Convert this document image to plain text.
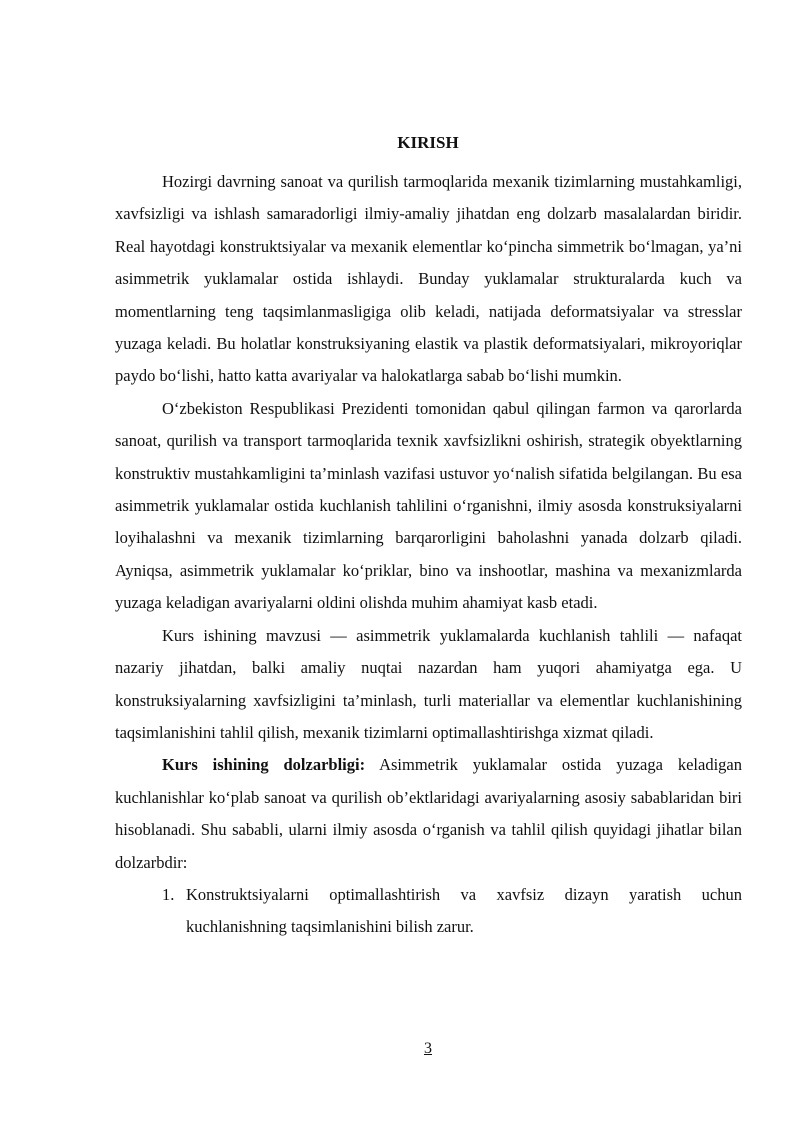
KIRISH

Hozirgi davrning sanoat va qurilish tarmoqlarida mexanik tizimlarning mustahkamligi, xavfsizligi va ishlash samaradorligi ilmiy-amaliy jihatdan eng dolzarb masalalardan biridir. Real hayotdagi konstruktsiyalar va mexanik elementlar ko‘pincha simmetrik bo‘lmagan, ya’ni asimmetrik yuklamalar ostida ishlaydi. Bunday yuklamalar strukturalarda kuch va momentlarning teng taqsimlanmasligiga olib keladi, natijada deformatsiyalar va stresslar yuzaga keladi. Bu holatlar konstruksiyaning elastik va plastik deformatsiyalari, mikroyoriqlar paydo bo‘lishi, hatto katta avariyalar va halokatlarga sabab bo‘lishi mumkin.

O‘zbekiston Respublikasi Prezidenti tomonidan qabul qilingan farmon va qarorlarda sanoat, qurilish va transport tarmoqlarida texnik xavfsizlikni oshirish, strategik obyektlarning konstruktiv mustahkamligini ta’minlash vazifasi ustuvor yo‘nalish sifatida belgilangan. Bu esa asimmetrik yuklamalar ostida kuchlanish tahlilini o‘rganishni, ilmiy asosda konstruksiyalarni loyihalashni va mexanik tizimlarning barqarorligini baholashni yanada dolzarb qiladi. Ayniqsa, asimmetrik yuklamalar ko‘priklar, bino va inshootlar, mashina va mexanizmlarda yuzaga keladigan avariyalarni oldini olishda muhim ahamiyat kasb etadi.

Kurs ishining mavzusi — asimmetrik yuklamalarda kuchlanish tahlili — nafaqat nazariy jihatdan, balki amaliy nuqtai nazardan ham yuqori ahamiyatga ega. U konstruksiyalarning xavfsizligini ta’minlash, turli materiallar va elementlar kuchlanishining taqsimlanishini tahlil qilish, mexanik tizimlarni optimallashtirishga xizmat qiladi.

Kurs ishining dolzarbligi: Asimmetrik yuklamalar ostida yuzaga keladigan kuchlanishlar ko‘plab sanoat va qurilish ob’ektlaridagi avariyalarning asosiy sabablaridan biri hisoblanadi. Shu sababli, ularni ilmiy asosda o‘rganish va tahlil qilish quyidagi jihatlar bilan dolzarbdir:

1. Konstruktsiyalarni optimallashtirish va xavfsiz dizayn yaratish uchun kuchlanishning taqsimlanishini bilish zarur.
3
